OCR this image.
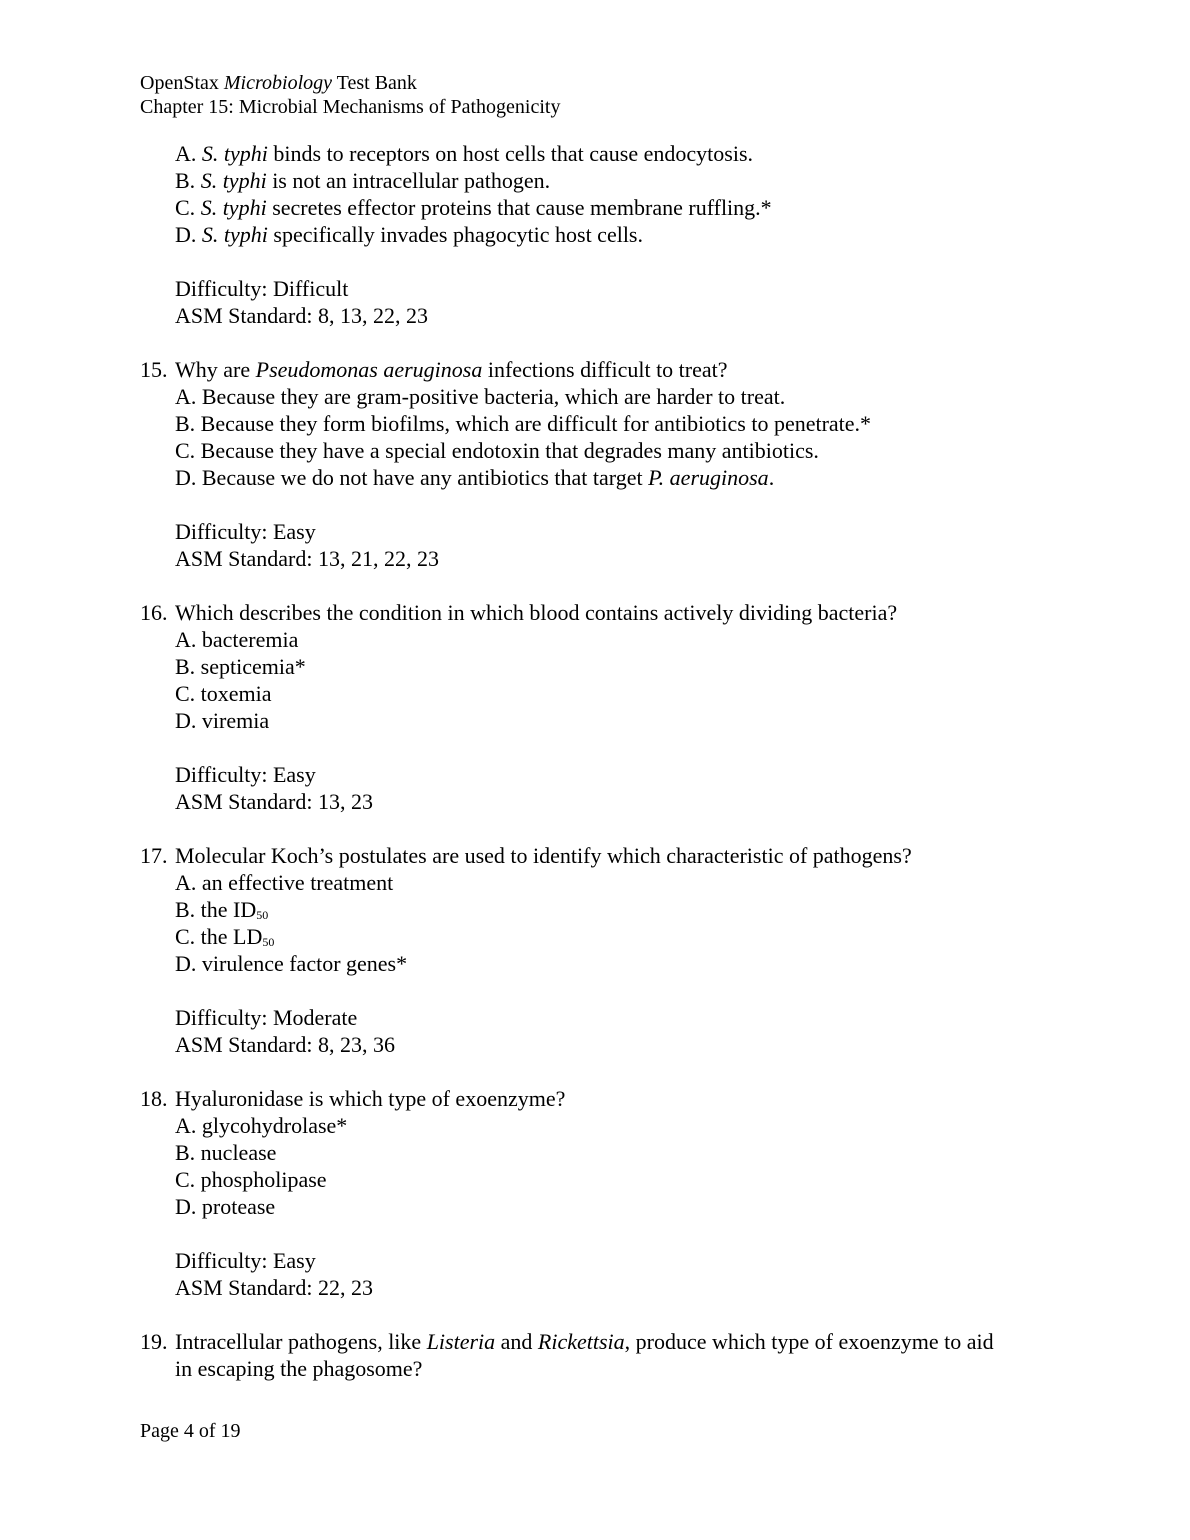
OpenStax Microbiology Test Bank
Chapter 15: Microbial Mechanisms of Pathogenicity
A. S. typhi binds to receptors on host cells that cause endocytosis.
B. S. typhi is not an intracellular pathogen.
C. S. typhi secretes effector proteins that cause membrane ruffling.*
D. S. typhi specifically invades phagocytic host cells.
Difficulty: Difficult
ASM Standard: 8, 13, 22, 23
15. Why are Pseudomonas aeruginosa infections difficult to treat?
A. Because they are gram-positive bacteria, which are harder to treat.
B. Because they form biofilms, which are difficult for antibiotics to penetrate.*
C. Because they have a special endotoxin that degrades many antibiotics.
D. Because we do not have any antibiotics that target P. aeruginosa.
Difficulty: Easy
ASM Standard: 13, 21, 22, 23
16. Which describes the condition in which blood contains actively dividing bacteria?
A. bacteremia
B. septicemia*
C. toxemia
D. viremia
Difficulty: Easy
ASM Standard: 13, 23
17. Molecular Koch’s postulates are used to identify which characteristic of pathogens?
A. an effective treatment
B. the $ID_{50}$
C. the $LD_{50}$
D. virulence factor genes*
Difficulty: Moderate
ASM Standard: 8, 23, 36
18. Hyaluronidase is which type of exoenzyme?
A. glycohydrolase*
B. nuclease
C. phospholipase
D. protease
Difficulty: Easy
ASM Standard: 22, 23
19. Intracellular pathogens, like Listeria and Rickettsia, produce which type of exoenzyme to aid
in escaping the phagosome?
Page 4 of 19
